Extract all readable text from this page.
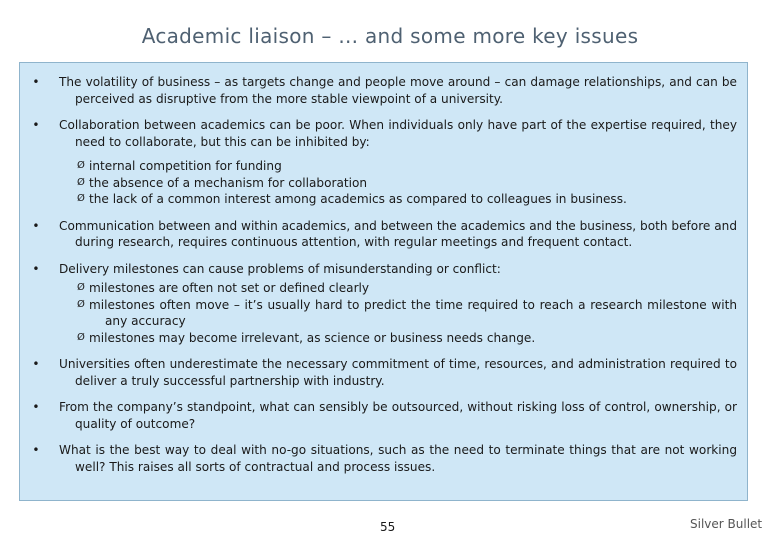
Academic liaison – ... and some more key issues
• The volatility of business – as targets change and people move around – can damage relationships, and can be perceived as disruptive from the more stable viewpoint of a university.
• Collaboration between academics can be poor. When individuals only have part of the expertise required, they need to collaborate, but this can be inhibited by:
Ø internal competition for funding
Ø the absence of a mechanism for collaboration
Ø the lack of a common interest among academics as compared to colleagues in business.
• Communication between and within academics, and between the academics and the business, both before and during research, requires continuous attention, with regular meetings and frequent contact.
• Delivery milestones can cause problems of misunderstanding or conflict:
Ø milestones are often not set or defined clearly
Ø milestones often move – it’s usually hard to predict the time required to reach a research milestone with any accuracy
Ø milestones may become irrelevant, as science or business needs change.
• Universities often underestimate the necessary commitment of time, resources, and administration required to deliver a truly successful partnership with industry.
• From the company’s standpoint, what can sensibly be outsourced, without risking loss of control, ownership, or quality of outcome?
• What is the best way to deal with no-go situations, such as the need to terminate things that are not working well? This raises all sorts of contractual and process issues.
55	Silver Bullet
